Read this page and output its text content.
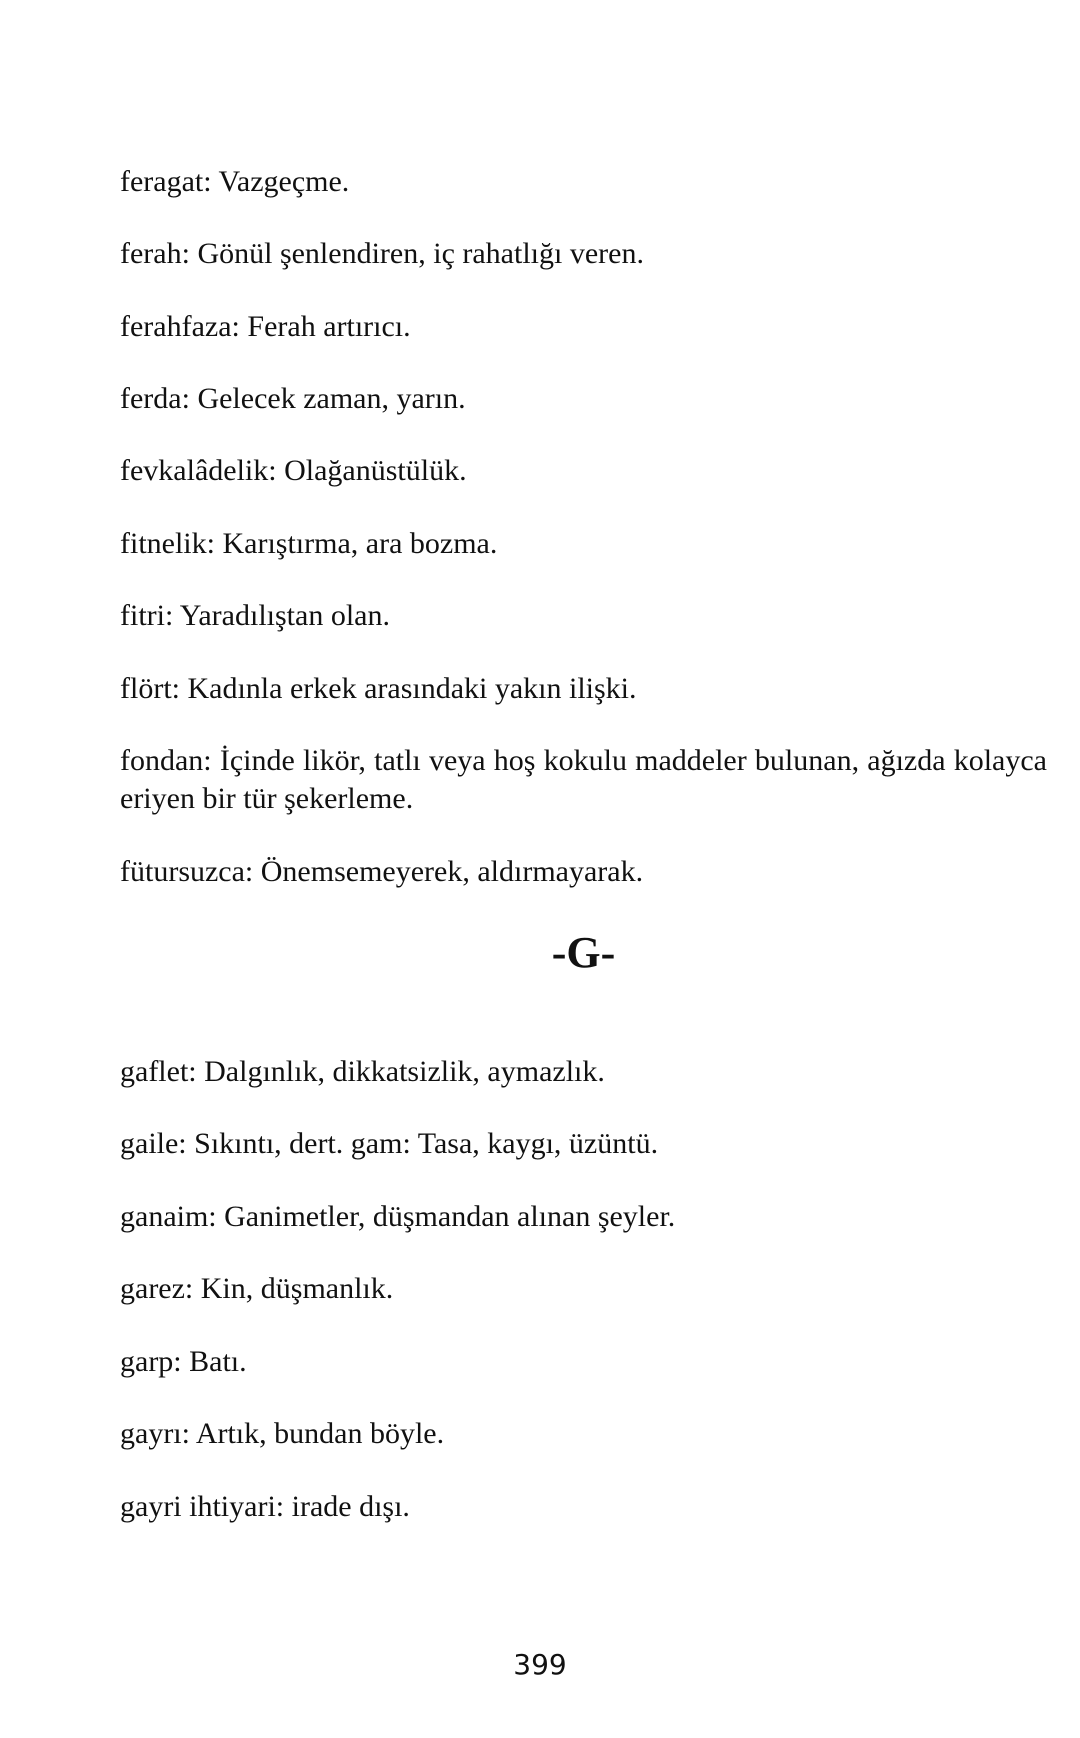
feragat: Vazgeçme.

ferah: Gönül şenlendiren, iç rahatlığı veren.

ferahfaza: Ferah artırıcı.

ferda: Gelecek zaman, yarın.

fevkalâdelik: Olağanüstülük.

fitnelik: Karıştırma, ara bozma.

fitri: Yaradılıştan olan.

flört: Kadınla erkek arasındaki yakın ilişki.

fondan: İçinde likör, tatlı veya hoş kokulu maddeler bulunan, ağızda kolayca eriyen bir tür şekerleme.

fütursuzca: Önemsemeyerek, aldırmayarak.

-G-

gaflet: Dalgınlık, dikkatsizlik, aymazlık.

gaile: Sıkıntı, dert. gam: Tasa, kaygı, üzüntü.

ganaim: Ganimetler, düşmandan alınan şeyler.

garez: Kin, düşmanlık.

garp: Batı.

gayrı: Artık, bundan böyle.

gayri ihtiyari: irade dışı.

399
